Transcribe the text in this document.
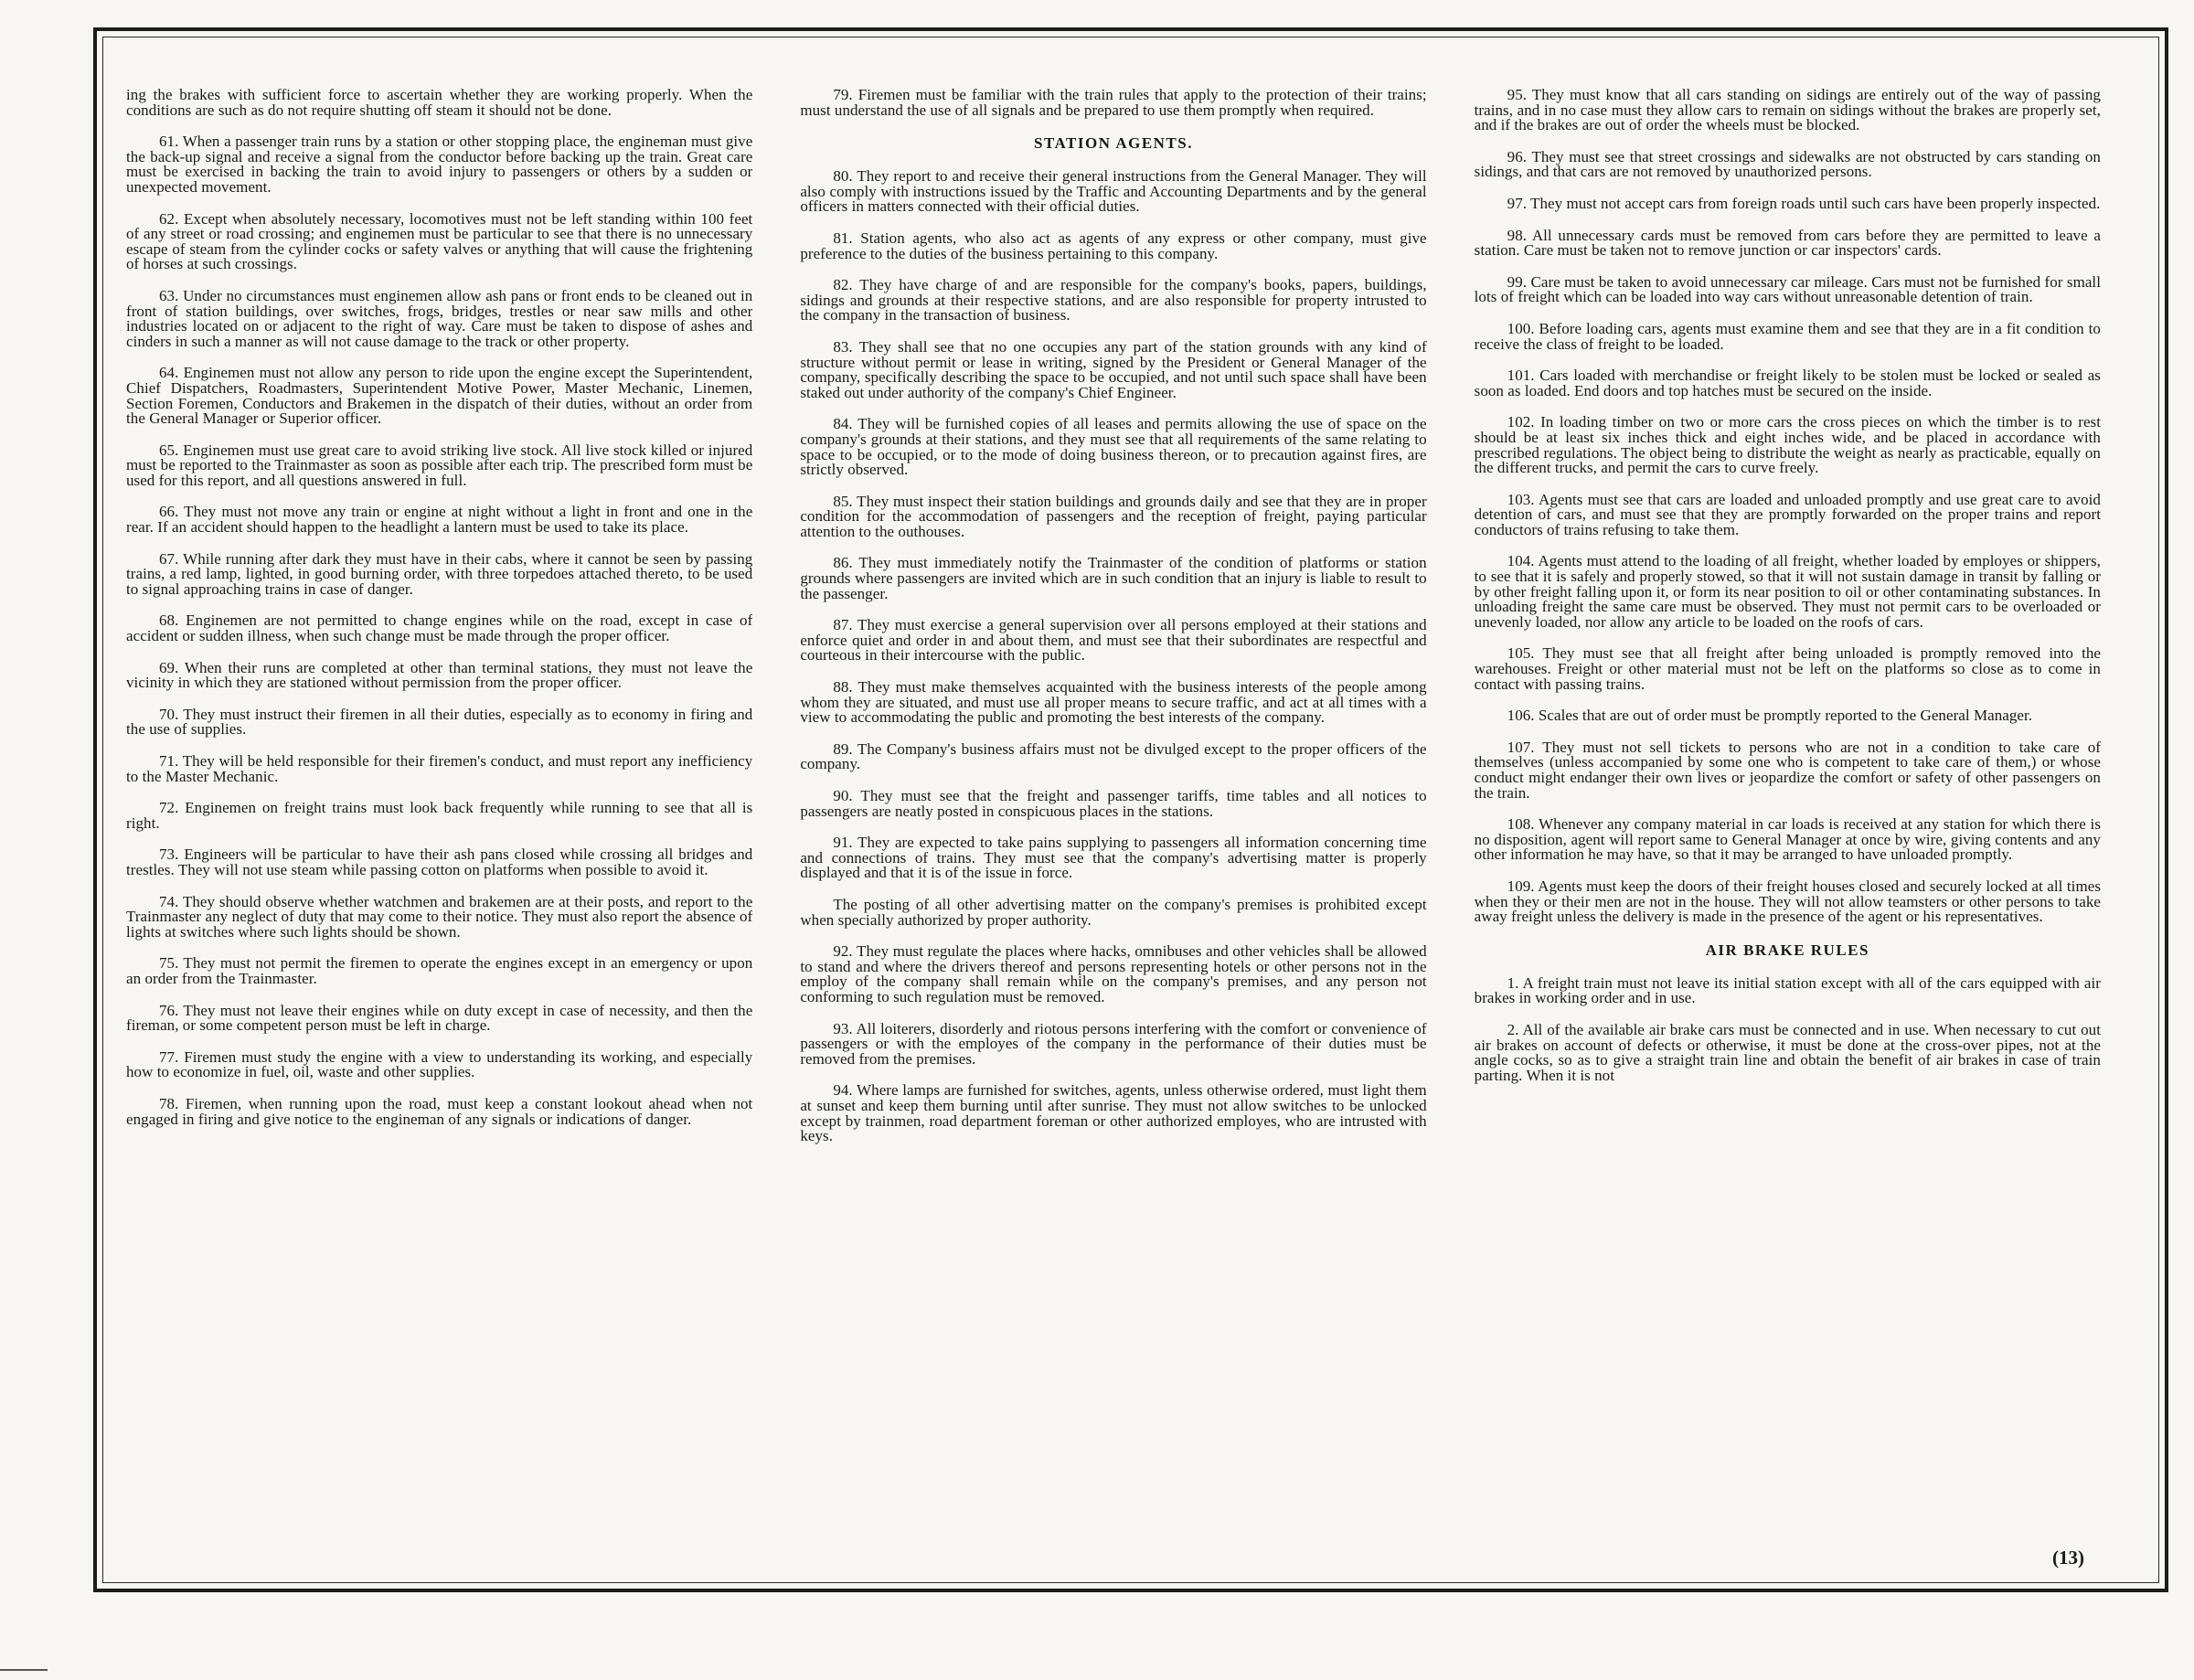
ing the brakes with sufficient force to ascertain whether they are working properly. When the conditions are such as do not require shutting off steam it should not be done.

61. When a passenger train runs by a station or other stopping place, the engineman must give the back-up signal and receive a signal from the conductor before backing up the train. Great care must be exercised in backing the train to avoid injury to passengers or others by a sudden or unexpected movement.

62. Except when absolutely necessary, locomotives must not be left standing within 100 feet of any street or road crossing; and enginemen must be particular to see that there is no unnecessary escape of steam from the cylinder cocks or safety valves or anything that will cause the frightening of horses at such crossings.

63. Under no circumstances must enginemen allow ash pans or front ends to be cleaned out in front of station buildings, over switches, frogs, bridges, trestles or near saw mills and other industries located on or adjacent to the right of way. Care must be taken to dispose of ashes and cinders in such a manner as will not cause damage to the track or other property.

64. Enginemen must not allow any person to ride upon the engine except the Superintendent, Chief Dispatchers, Roadmasters, Superintendent Motive Power, Master Mechanic, Linemen, Section Foremen, Conductors and Brakemen in the dispatch of their duties, without an order from the General Manager or Superior officer.

65. Enginemen must use great care to avoid striking live stock. All live stock killed or injured must be reported to the Trainmaster as soon as possible after each trip. The prescribed form must be used for this report, and all questions answered in full.

66. They must not move any train or engine at night without a light in front and one in the rear. If an accident should happen to the headlight a lantern must be used to take its place.

67. While running after dark they must have in their cabs, where it cannot be seen by passing trains, a red lamp, lighted, in good burning order, with three torpedoes attached thereto, to be used to signal approaching trains in case of danger.

68. Enginemen are not permitted to change engines while on the road, except in case of accident or sudden illness, when such change must be made through the proper officer.

69. When their runs are completed at other than terminal stations, they must not leave the vicinity in which they are stationed without permission from the proper officer.

70. They must instruct their firemen in all their duties, especially as to economy in firing and the use of supplies.

71. They will be held responsible for their firemen's conduct, and must report any inefficiency to the Master Mechanic.

72. Enginemen on freight trains must look back frequently while running to see that all is right.

73. Engineers will be particular to have their ash pans closed while crossing all bridges and trestles. They will not use steam while passing cotton on platforms when possible to avoid it.

74. They should observe whether watchmen and brakemen are at their posts, and report to the Trainmaster any neglect of duty that may come to their notice. They must also report the absence of lights at switches where such lights should be shown.

75. They must not permit the firemen to operate the engines except in an emergency or upon an order from the Trainmaster.

76. They must not leave their engines while on duty except in case of necessity, and then the fireman, or some competent person must be left in charge.

77. Firemen must study the engine with a view to understanding its working, and especially how to economize in fuel, oil, waste and other supplies.

78. Firemen, when running upon the road, must keep a constant lookout ahead when not engaged in firing and give notice to the engineman of any signals or indications of danger.

79. Firemen must be familiar with the train rules that apply to the protection of their trains; must understand the use of all signals and be prepared to use them promptly when required.

STATION AGENTS.

80. They report to and receive their general instructions from the General Manager. They will also comply with instructions issued by the Traffic and Accounting Departments and by the general officers in matters connected with their official duties.

81. Station agents, who also act as agents of any express or other company, must give preference to the duties of the business pertaining to this company.

82. They have charge of and are responsible for the company's books, papers, buildings, sidings and grounds at their respective stations, and are also responsible for property intrusted to the company in the transaction of business.

83. They shall see that no one occupies any part of the station grounds with any kind of structure without permit or lease in writing, signed by the President or General Manager of the company, specifically describing the space to be occupied, and not until such space shall have been staked out under authority of the company's Chief Engineer.

84. They will be furnished copies of all leases and permits allowing the use of space on the company's grounds at their stations, and they must see that all requirements of the same relating to space to be occupied, or to the mode of doing business thereon, or to precaution against fires, are strictly observed.

85. They must inspect their station buildings and grounds daily and see that they are in proper condition for the accommodation of passengers and the reception of freight, paying particular attention to the outhouses.

86. They must immediately notify the Trainmaster of the condition of platforms or station grounds where passengers are invited which are in such condition that an injury is liable to result to the passenger.

87. They must exercise a general supervision over all persons employed at their stations and enforce quiet and order in and about them, and must see that their subordinates are respectful and courteous in their intercourse with the public.

88. They must make themselves acquainted with the business interests of the people among whom they are situated, and must use all proper means to secure traffic, and act at all times with a view to accommodating the public and promoting the best interests of the company.

89. The Company's business affairs must not be divulged except to the proper officers of the company.

90. They must see that the freight and passenger tariffs, time tables and all notices to passengers are neatly posted in conspicuous places in the stations.

91. They are expected to take pains supplying to passengers all information concerning time and connections of trains. They must see that the company's advertising matter is properly displayed and that it is of the issue in force.

The posting of all other advertising matter on the company's premises is prohibited except when specially authorized by proper authority.

92. They must regulate the places where hacks, omnibuses and other vehicles shall be allowed to stand and where the drivers thereof and persons representing hotels or other persons not in the employ of the company shall remain while on the company's premises, and any person not conforming to such regulation must be removed.

93. All loiterers, disorderly and riotous persons interfering with the comfort or convenience of passengers or with the employes of the company in the performance of their duties must be removed from the premises.

94. Where lamps are furnished for switches, agents, unless otherwise ordered, must light them at sunset and keep them burning until after sunrise. They must not allow switches to be unlocked except by trainmen, road department foreman or other authorized employes, who are intrusted with keys.

95. They must know that all cars standing on sidings are entirely out of the way of passing trains, and in no case must they allow cars to remain on sidings without the brakes are properly set, and if the brakes are out of order the wheels must be blocked.

96. They must see that street crossings and sidewalks are not obstructed by cars standing on sidings, and that cars are not removed by unauthorized persons.

97. They must not accept cars from foreign roads until such cars have been properly inspected.

98. All unnecessary cards must be removed from cars before they are permitted to leave a station. Care must be taken not to remove junction or car inspectors' cards.

99. Care must be taken to avoid unnecessary car mileage. Cars must not be furnished for small lots of freight which can be loaded into way cars without unreasonable detention of train.

100. Before loading cars, agents must examine them and see that they are in a fit condition to receive the class of freight to be loaded.

101. Cars loaded with merchandise or freight likely to be stolen must be locked or sealed as soon as loaded. End doors and top hatches must be secured on the inside.

102. In loading timber on two or more cars the cross pieces on which the timber is to rest should be at least six inches thick and eight inches wide, and be placed in accordance with prescribed regulations. The object being to distribute the weight as nearly as practicable, equally on the different trucks, and permit the cars to curve freely.

103. Agents must see that cars are loaded and unloaded promptly and use great care to avoid detention of cars, and must see that they are promptly forwarded on the proper trains and report conductors of trains refusing to take them.

104. Agents must attend to the loading of all freight, whether loaded by employes or shippers, to see that it is safely and properly stowed, so that it will not sustain damage in transit by falling or by other freight falling upon it, or form its near position to oil or other contaminating substances. In unloading freight the same care must be observed. They must not permit cars to be overloaded or unevenly loaded, nor allow any article to be loaded on the roofs of cars.

105. They must see that all freight after being unloaded is promptly removed into the warehouses. Freight or other material must not be left on the platforms so close as to come in contact with passing trains.

106. Scales that are out of order must be promptly reported to the General Manager.

107. They must not sell tickets to persons who are not in a condition to take care of themselves (unless accompanied by some one who is competent to take care of them,) or whose conduct might endanger their own lives or jeopardize the comfort or safety of other passengers on the train.

108. Whenever any company material in car loads is received at any station for which there is no disposition, agent will report same to General Manager at once by wire, giving contents and any other information he may have, so that it may be arranged to have unloaded promptly.

109. Agents must keep the doors of their freight houses closed and securely locked at all times when they or their men are not in the house. They will not allow teamsters or other persons to take away freight unless the delivery is made in the presence of the agent or his representatives.

AIR BRAKE RULES

1. A freight train must not leave its initial station except with all of the cars equipped with air brakes in working order and in use.

2. All of the available air brake cars must be connected and in use. When necessary to cut out air brakes on account of defects or otherwise, it must be done at the cross-over pipes, not at the angle cocks, so as to give a straight train line and obtain the benefit of air brakes in case of train parting. When it is not

(13)
